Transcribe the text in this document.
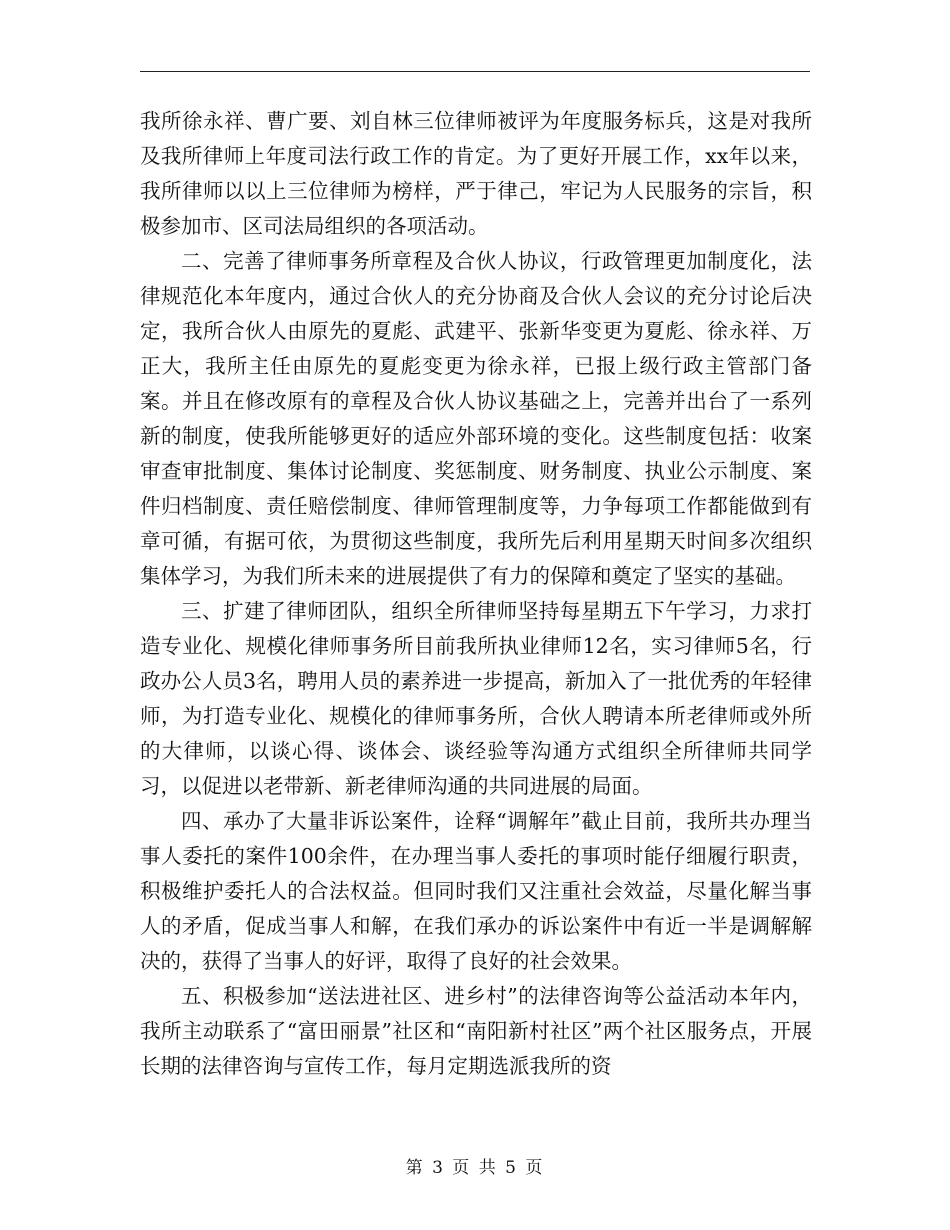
我所徐永祥、曹广要、刘自林三位律师被评为年度服务标兵，这是对我所及我所律师上年度司法行政工作的肯定。为了更好开展工作，xx年以来，我所律师以以上三位律师为榜样，严于律己，牢记为人民服务的宗旨，积极参加市、区司法局组织的各项活动。

二、完善了律师事务所章程及合伙人协议，行政管理更加制度化，法律规范化本年度内，通过合伙人的充分协商及合伙人会议的充分讨论后决定，我所合伙人由原先的夏彪、武建平、张新华变更为夏彪、徐永祥、万正大，我所主任由原先的夏彪变更为徐永祥，已报上级行政主管部门备案。并且在修改原有的章程及合伙人协议基础之上，完善并出台了一系列新的制度，使我所能够更好的适应外部环境的变化。这些制度包括：收案审查审批制度、集体讨论制度、奖惩制度、财务制度、执业公示制度、案件归档制度、责任赔偿制度、律师管理制度等，力争每项工作都能做到有章可循，有据可依，为贯彻这些制度，我所先后利用星期天时间多次组织集体学习，为我们所未来的进展提供了有力的保障和奠定了坚实的基础。

三、扩建了律师团队，组织全所律师坚持每星期五下午学习，力求打造专业化、规模化律师事务所目前我所执业律师12名，实习律师5名，行政办公人员3名，聘用人员的素养进一步提高，新加入了一批优秀的年轻律师，为打造专业化、规模化的律师事务所，合伙人聘请本所老律师或外所的大律师，以谈心得、谈体会、谈经验等沟通方式组织全所律师共同学习，以促进以老带新、新老律师沟通的共同进展的局面。

四、承办了大量非诉讼案件，诠释“调解年”截止目前，我所共办理当事人委托的案件100余件，在办理当事人委托的事项时能仔细履行职责，积极维护委托人的合法权益。但同时我们又注重社会效益，尽量化解当事人的矛盾，促成当事人和解，在我们承办的诉讼案件中有近一半是调解解决的，获得了当事人的好评，取得了良好的社会效果。

五、积极参加“送法进社区、进乡村”的法律咨询等公益活动本年内，我所主动联系了“富田丽景”社区和“南阳新村社区”两个社区服务点，开展长期的法律咨询与宣传工作，每月定期选派我所的资

第 3 页 共 5 页
